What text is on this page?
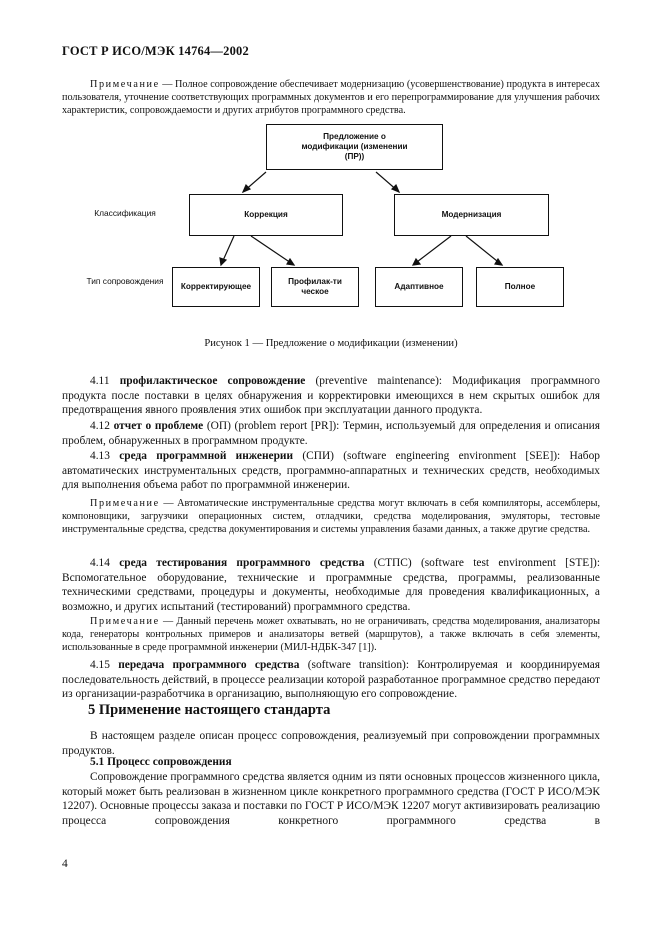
ГОСТ Р ИСО/МЭК 14764—2002
Примечание — Полное сопровождение обеспечивает модернизацию (усовершенствование) продукта в интересах пользователя, уточнение соответствующих программных документов и его перепрограммирование для улучшения рабочих характеристик, сопровождаемости и других атрибутов программного средства.
Предложение о модификации (изменении (ПР))
Классификация
Тип сопровождения
Коррекция	Модернизация
Корректирующее
Профилак-тическое
Адаптивное	Полное
Рисунок 1 — Предложение о модификации (изменении)
4.11 профилактическое сопровождение (preventive maintenance): Модификация программного продукта после поставки в целях обнаружения и корректировки имеющихся в нем скрытых ошибок для предотвращения явного проявления этих ошибок при эксплуатации данного продукта.
4.12 отчет о проблеме (ОП) (problem report [PR]): Термин, используемый для определения и описания проблем, обнаруженных в программном продукте.
4.13 среда программной инженерии (СПИ) (software engineering environment [SEE]): Набор автоматических инструментальных средств, программно-аппаратных и технических средств, необходимых для выполнения объема работ по программной инженерии.
Примечание — Автоматические инструментальные средства могут включать в себя компиляторы, ассемблеры, компоновщики, загрузчики операционных систем, отладчики, средства моделирования, эмуляторы, тестовые инструментальные средства, средства документирования и системы управления базами данных, а также другие средства.
4.14 среда тестирования программного средства (СТПС) (software test environment [STE]): Вспомогательное оборудование, технические и программные средства, программы, реализованные техническими средствами, процедуры и документы, необходимые для проведения квалификационных, а возможно, и других испытаний (тестирований) программного средства.
Примечание — Данный перечень может охватывать, но не ограничивать, средства моделирования, анализаторы кода, генераторы контрольных примеров и анализаторы ветвей (маршрутов), а также включать в себя элементы, использованные в среде программной инженерии (МИЛ-НДБК-347 [1]).
4.15 передача программного средства (software transition): Контролируемая и координируемая последовательность действий, в процессе реализации которой разработанное программное средство передают из организации-разработчика в организацию, выполняющую его сопровождение.
5 Применение настоящего стандарта
В настоящем разделе описан процесс сопровождения, реализуемый при сопровождении программных продуктов.
5.1 Процесс сопровождения
Сопровождение программного средства является одним из пяти основных процессов жизненного цикла, который может быть реализован в жизненном цикле конкретного программного средства (ГОСТ Р ИСО/МЭК 12207). Основные процессы заказа и поставки по ГОСТ Р ИСО/МЭК 12207 могут активизировать реализацию процесса сопровождения конкретного программного средства в
4
